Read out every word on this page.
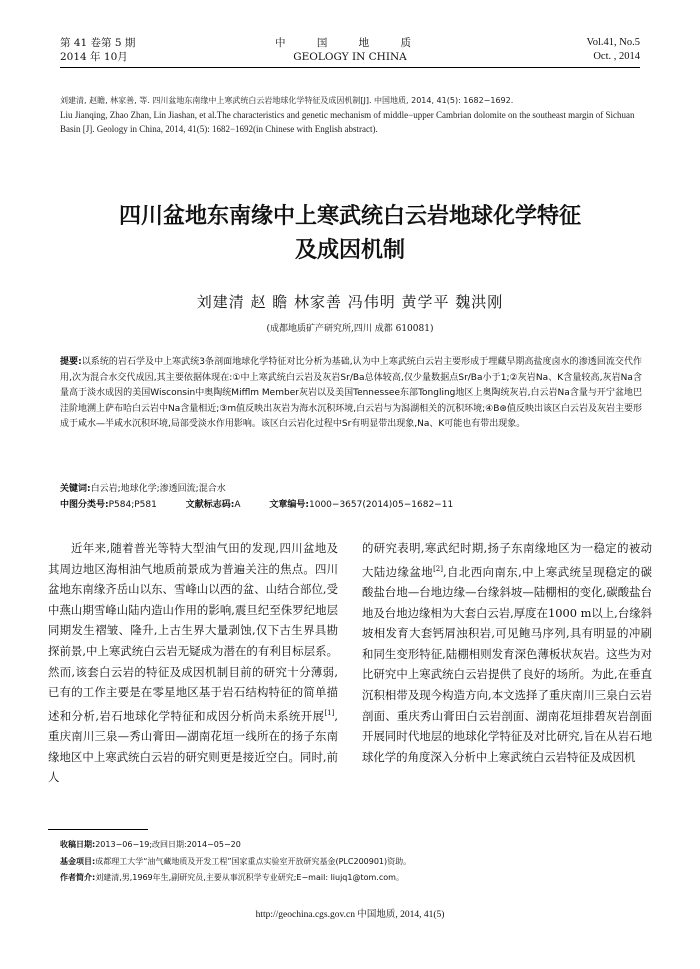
第 41 卷第 5 期
2014 年 10月
中 国 地 质
GEOLOGY IN CHINA
Vol.41, No.5
Oct. , 2014
刘建清, 赵瞻, 林家善, 等. 四川盆地东南缘中上寒武统白云岩地球化学特征及成因机制[J]. 中国地质, 2014, 41(5): 1682−1692.
Liu Jianqing, Zhao Zhan, Lin Jiashan, et al.The characteristics and genetic mechanism of middle−upper Cambrian dolomite on the southeast margin of Sichuan Basin [J]. Geology in China, 2014, 41(5): 1682−1692(in Chinese with English abstract).
四川盆地东南缘中上寒武统白云岩地球化学特征
及成因机制
刘建清 赵 瞻 林家善 冯伟明 黄学平 魏洪刚
(成都地质矿产研究所,四川 成都 610081)
提要:以系统的岩石学及中上寒武统3条剖面地球化学特征对比分析为基础,认为中上寒武统白云岩主要形成于埋藏早期高盐度卤水的渗透回流交代作用,次为混合水交代成因,其主要依据体现在:①中上寒武统白云岩及灰岩Sr/Ba总体较高,仅少量数据点Sr/Ba小于1;②灰岩Na、K含量较高,灰岩Na含量高于淡水成因的美国Wisconsin中奥陶统Mifflm Member灰岩以及美国Tennessee东部Tongling地区上奥陶统灰岩,白云岩Na含量与开宁盆地巴洼阶地溯上萨布哈白云岩中Na含量相近;③m值反映出灰岩为海水沉积环境,白云岩与为潟湖相关的沉积环境;④B⊛值反映出该区白云岩及灰岩主要形成于咸水—半咸水沉积环境,局部受淡水作用影响。该区白云岩化过程中Sr有明显带出现象,Na、K可能也有带出现象。
关键词:白云岩;地球化学;渗透回流;混合水
中图分类号:P584;P581	文献标志码:A	文章编号:1000−3657(2014)05−1682−11
近年来,随着普光等特大型油气田的发现,四川盆地及其周边地区海相油气地质前景成为普遍关注的焦点。四川盆地东南缘齐岳山以东、雪峰山以西的盆、山结合部位,受中燕山期雪峰山陆内造山作用的影响,震旦纪至侏罗纪地层同期发生褶皱、隆升,上古生界大量剥蚀,仅下古生界具勘探前景,中上寒武统白云岩无疑成为潜在的有利目标层系。然而,该套白云岩的特征及成因机制目前的研究十分薄弱,已有的工作主要是在零星地区基于岩石结构特征的简单描述和分析,岩石地球化学特征和成因分析尚未系统开展[1],重庆南川三泉—秀山膏田—湖南花垣一线所在的扬子东南缘地区中上寒武统白云岩的研究则更是接近空白。同时,前人
的研究表明,寒武纪时期,扬子东南缘地区为一稳定的被动大陆边缘盆地[2],自北西向南东,中上寒武统呈现稳定的碳酸盐台地—台地边缘—台缘斜坡—陆棚相的变化,碳酸盐台地及台地边缘相为大套白云岩,厚度在1000 m以上,台缘斜坡相发育大套钙屑浊积岩,可见鲍马序列,具有明显的冲刷和同生变形特征,陆棚相则发育深色薄板状灰岩。这些为对比研究中上寒武统白云岩提供了良好的场所。为此,在垂直沉积相带及现今构造方向,本文选择了重庆南川三泉白云岩剖面、重庆秀山膏田白云岩剖面、湖南花垣排碧灰岩剖面开展同时代地层的地球化学特征及对比研究,旨在从岩石地球化学的角度深入分析中上寒武统白云岩特征及成因机
收稿日期:2013−06−19;改回日期:2014−05−20
基金项目:成都理工大学“油气藏地质及开发工程”国家重点实验室开放研究基金(PLC200901)资助。
作者简介:刘建清,男,1969年生,副研究员,主要从事沉积学专业研究;E−mail: liujq1@tom.com。
http://geochina.cgs.gov.cn 中国地质, 2014, 41(5)
